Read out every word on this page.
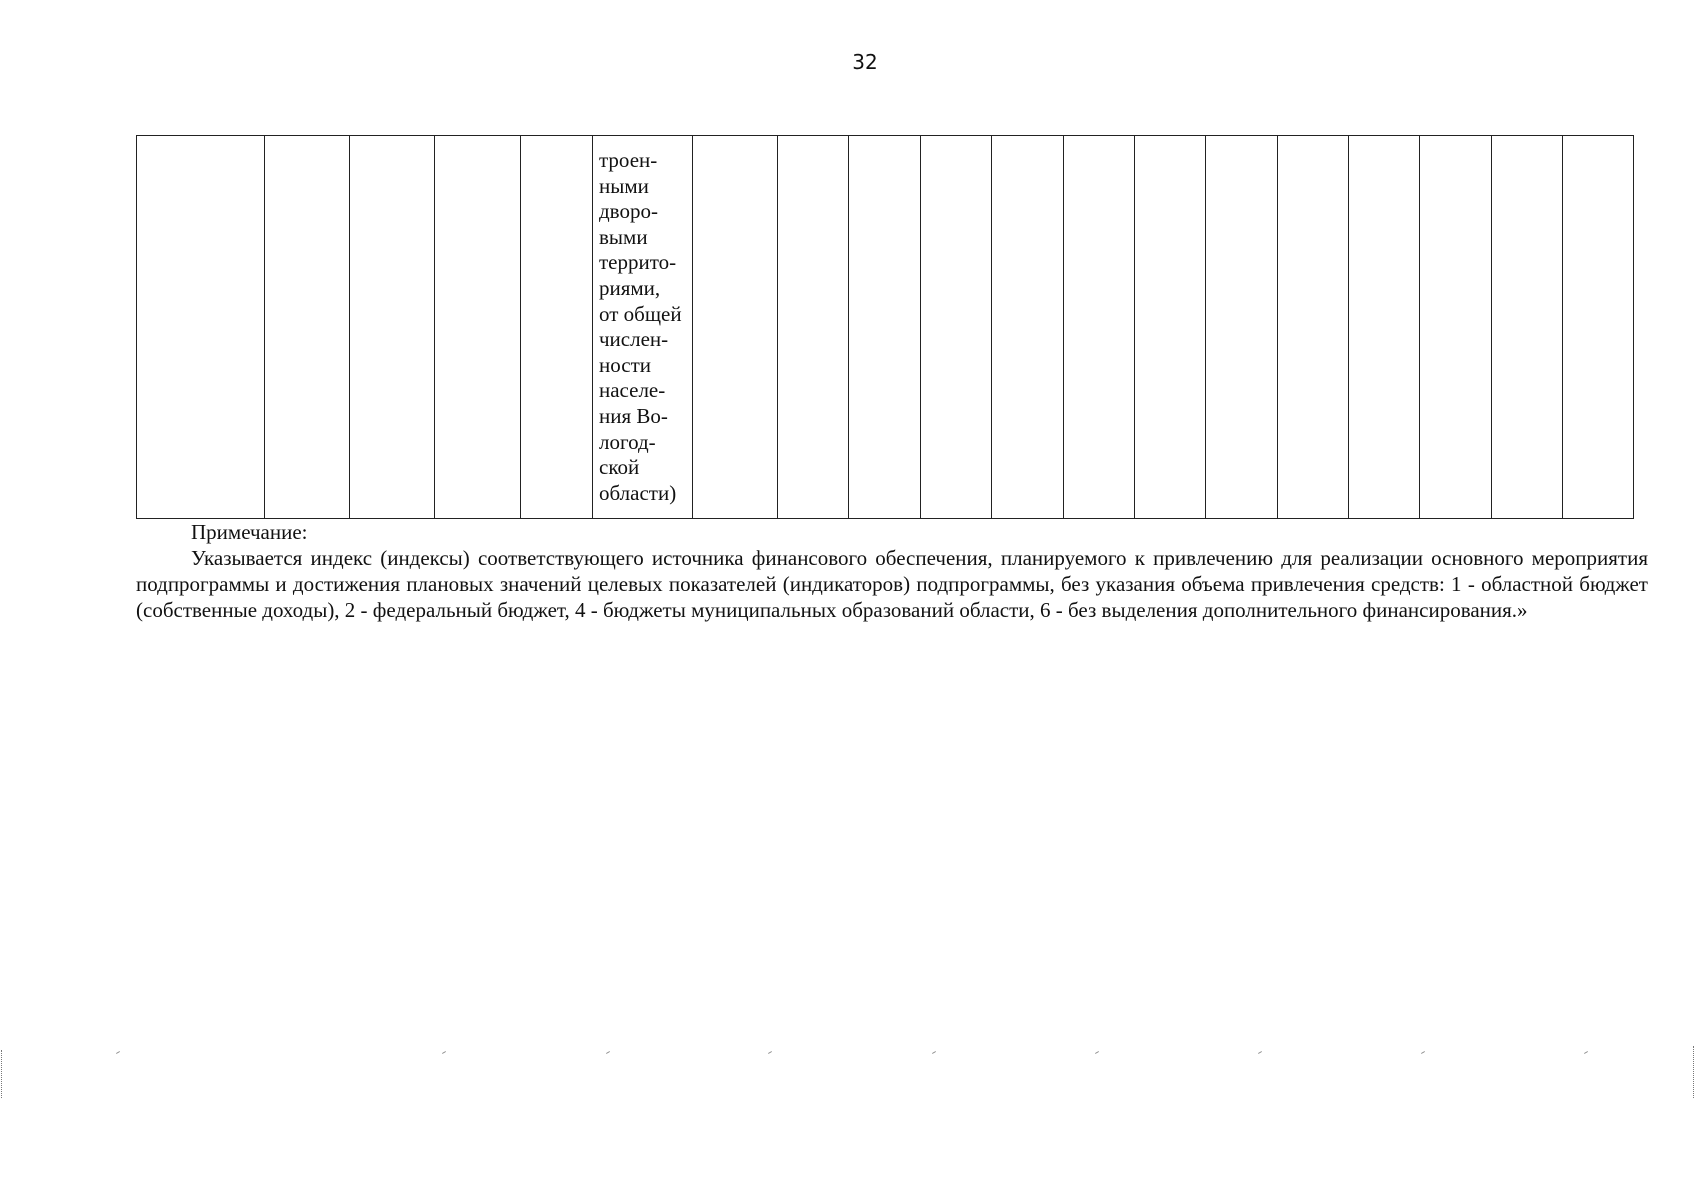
32
					троен-
ными
дворо-
выми
террито-
риями,
от общей
числен-
ности
населе-
ния Во-
логод-
ской
области)													
Примечание:
Указывается индекс (индексы) соответствующего источника финансового обеспечения, планируемого к привлечению для реализации основного мероприятия подпрограммы и достижения плановых значений целевых показателей (индикаторов) подпрограммы, без указания объема привлечения средств: 1 - областной бюджет (собственные доходы), 2 - федеральный бюджет, 4 - бюджеты муниципальных образований области, 6 - без выделения дополнительного финансирования.»
